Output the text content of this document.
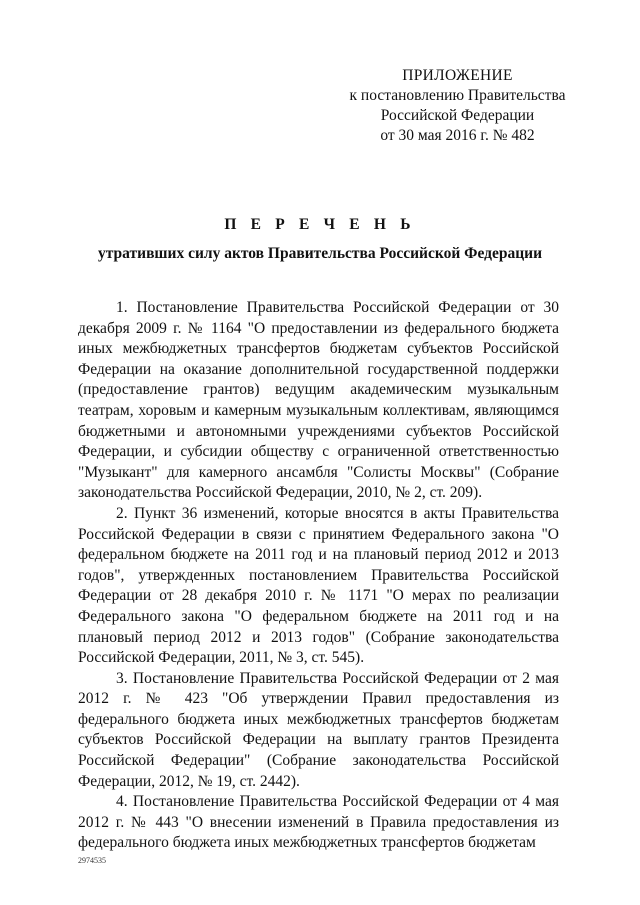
ПРИЛОЖЕНИЕ
к постановлению Правительства
Российской Федерации
от 30 мая 2016 г. № 482
П Е Р Е Ч Е Н Ь
утративших силу актов Правительства Российской Федерации

1. Постановление Правительства Российской Федерации от 30 декабря 2009 г. № 1164 "О предоставлении из федерального бюджета иных межбюджетных трансфертов бюджетам субъектов Российской Федерации на оказание дополнительной государственной поддержки (предоставление грантов) ведущим академическим музыкальным театрам, хоровым и камерным музыкальным коллективам, являющимся бюджетными и автономными учреждениями субъектов Российской Федерации, и субсидии обществу с ограниченной ответственностью "Музыкант" для камерного ансамбля "Солисты Москвы" (Собрание законодательства Российской Федерации, 2010, № 2, ст. 209).

2. Пункт 36 изменений, которые вносятся в акты Правительства Российской Федерации в связи с принятием Федерального закона "О федеральном бюджете на 2011 год и на плановый период 2012 и 2013 годов", утвержденных постановлением Правительства Российской Федерации от 28 декабря 2010 г. № 1171 "О мерах по реализации Федерального закона "О федеральном бюджете на 2011 год и на плановый период 2012 и 2013 годов" (Собрание законодательства Российской Федерации, 2011, № 3, ст. 545).

3. Постановление Правительства Российской Федерации от 2 мая 2012 г. № 423 "Об утверждении Правил предоставления из федерального бюджета иных межбюджетных трансфертов бюджетам субъектов Российской Федерации на выплату грантов Президента Российской Федерации" (Собрание законодательства Российской Федерации, 2012, № 19, ст. 2442).

4. Постановление Правительства Российской Федерации от 4 мая 2012 г. № 443 "О внесении изменений в Правила предоставления из федерального бюджета иных межбюджетных трансфертов бюджетам

2974535
